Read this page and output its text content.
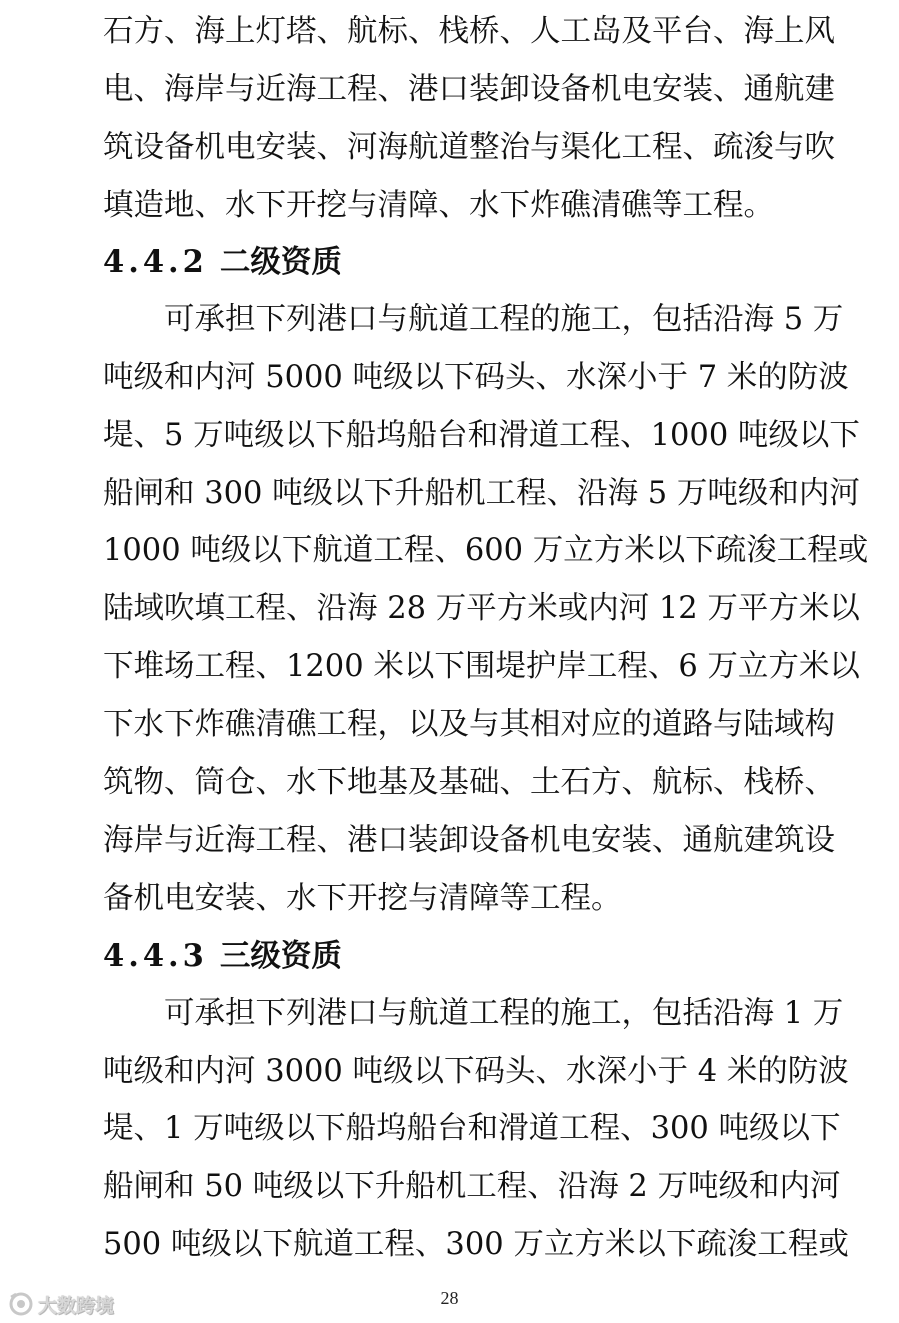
石方、海上灯塔、航标、栈桥、人工岛及平台、海上风
电、海岸与近海工程、港口装卸设备机电安装、通航建
筑设备机电安装、河海航道整治与渠化工程、疏浚与吹
填造地、水下开挖与清障、水下炸礁清礁等工程。
4.4.2 二级资质
可承担下列港口与航道工程的施工，包括沿海 5 万
吨级和内河 5000 吨级以下码头、水深小于 7 米的防波
堤、5 万吨级以下船坞船台和滑道工程、1000 吨级以下
船闸和 300 吨级以下升船机工程、沿海 5 万吨级和内河
1000 吨级以下航道工程、600 万立方米以下疏浚工程或
陆域吹填工程、沿海 28 万平方米或内河 12 万平方米以
下堆场工程、1200 米以下围堤护岸工程、6 万立方米以
下水下炸礁清礁工程，以及与其相对应的道路与陆域构
筑物、筒仓、水下地基及基础、土石方、航标、栈桥、
海岸与近海工程、港口装卸设备机电安装、通航建筑设
备机电安装、水下开挖与清障等工程。
4.4.3 三级资质
可承担下列港口与航道工程的施工，包括沿海 1 万
吨级和内河 3000 吨级以下码头、水深小于 4 米的防波
堤、1 万吨级以下船坞船台和滑道工程、300 吨级以下
船闸和 50 吨级以下升船机工程、沿海 2 万吨级和内河
500 吨级以下航道工程、300 万立方米以下疏浚工程或
28
大数跨境
